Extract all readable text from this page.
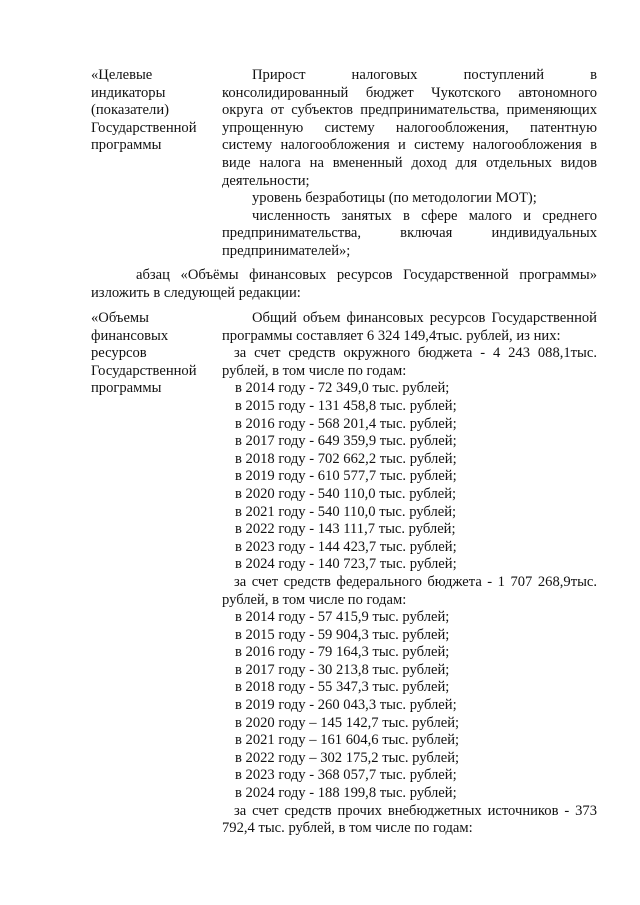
«Целевые индикаторы (показатели) Государственной программы

Прирост налоговых поступлений в консолидированный бюджет Чукотского автономного округа от субъектов предпринимательства, применяющих упрощенную систему налогообложения, патентную систему налогообложения и систему налогообложения в виде налога на вмененный доход для отдельных видов деятельности;

уровень безработицы (по методологии МОТ);

численность занятых в сфере малого и среднего предпринимательства, включая индивидуальных предпринимателей»;

абзац «Объёмы финансовых ресурсов Государственной программы» изложить в следующей редакции:

«Объемы финансовых ресурсов Государственной программы

Общий объем финансовых ресурсов Государственной программы составляет 6 324 149,4тыс. рублей, из них:

за счет средств окружного бюджета - 4 243 088,1тыс. рублей, в том числе по годам:

в 2014 году - 72 349,0 тыс. рублей;
в 2015 году - 131 458,8 тыс. рублей;
в 2016 году - 568 201,4 тыс. рублей;
в 2017 году - 649 359,9 тыс. рублей;
в 2018 году - 702 662,2 тыс. рублей;
в 2019 году - 610 577,7 тыс. рублей;
в 2020 году - 540 110,0 тыс. рублей;
в 2021 году - 540 110,0 тыс. рублей;
в 2022 году - 143 111,7 тыс. рублей;
в 2023 году - 144 423,7 тыс. рублей;
в 2024 году - 140 723,7 тыс. рублей;

за счет средств федерального бюджета - 1 707 268,9тыс. рублей, в том числе по годам:

в 2014 году - 57 415,9 тыс. рублей;
в 2015 году - 59 904,3 тыс. рублей;
в 2016 году - 79 164,3 тыс. рублей;
в 2017 году - 30 213,8 тыс. рублей;
в 2018 году - 55 347,3 тыс. рублей;
в 2019 году - 260 043,3 тыс. рублей;
в 2020 году – 145 142,7 тыс. рублей;
в 2021 году – 161 604,6 тыс. рублей;
в 2022 году – 302 175,2 тыс. рублей;
в 2023 году - 368 057,7 тыс. рублей;
в 2024 году - 188 199,8 тыс. рублей;

за счет средств прочих внебюджетных источников - 373 792,4 тыс. рублей, в том числе по годам:
